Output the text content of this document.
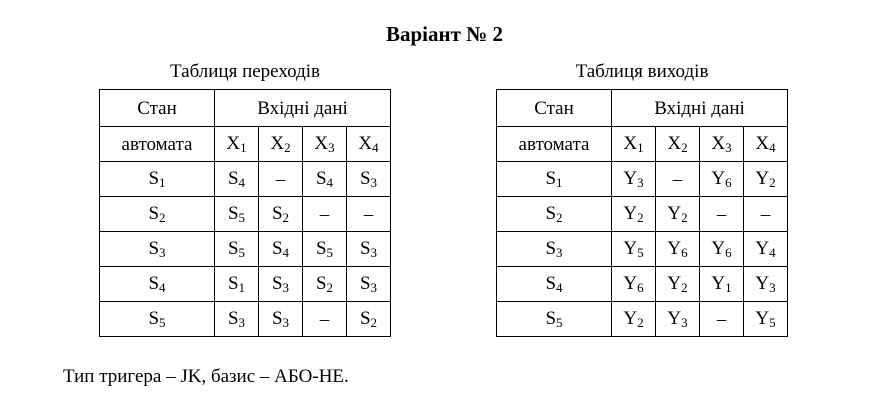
Варіант № 2
Таблиця переходів	Таблиця виходів
Стан	Вхідні дані			
автомата	$X_1$	$X_2$	$X_3$	$X_4$
$S_1$	$S_4$	–	$S_4$	$S_3$
$S_2$	$S_5$	$S_2$	–	–
$S_3$	$S_5$	$S_4$	$S_5$	$S_3$
$S_4$	$S_1$	$S_3$	$S_2$	$S_3$
$S_5$	$S_3$	$S_3$	–	$S_2$
Стан	Вхідні дані			
автомата	$X_1$	$X_2$	$X_3$	$X_4$
$S_1$	$Y_3$	–	$Y_6$	$Y_2$
$S_2$	$Y_2$	$Y_2$	–	–
$S_3$	$Y_5$	$Y_6$	$Y_6$	$Y_4$
$S_4$	$Y_6$	$Y_2$	$Y_1$	$Y_3$
$S_5$	$Y_2$	$Y_3$	–	$Y_5$
Тип тригера – JK, базис – АБО-НЕ.
